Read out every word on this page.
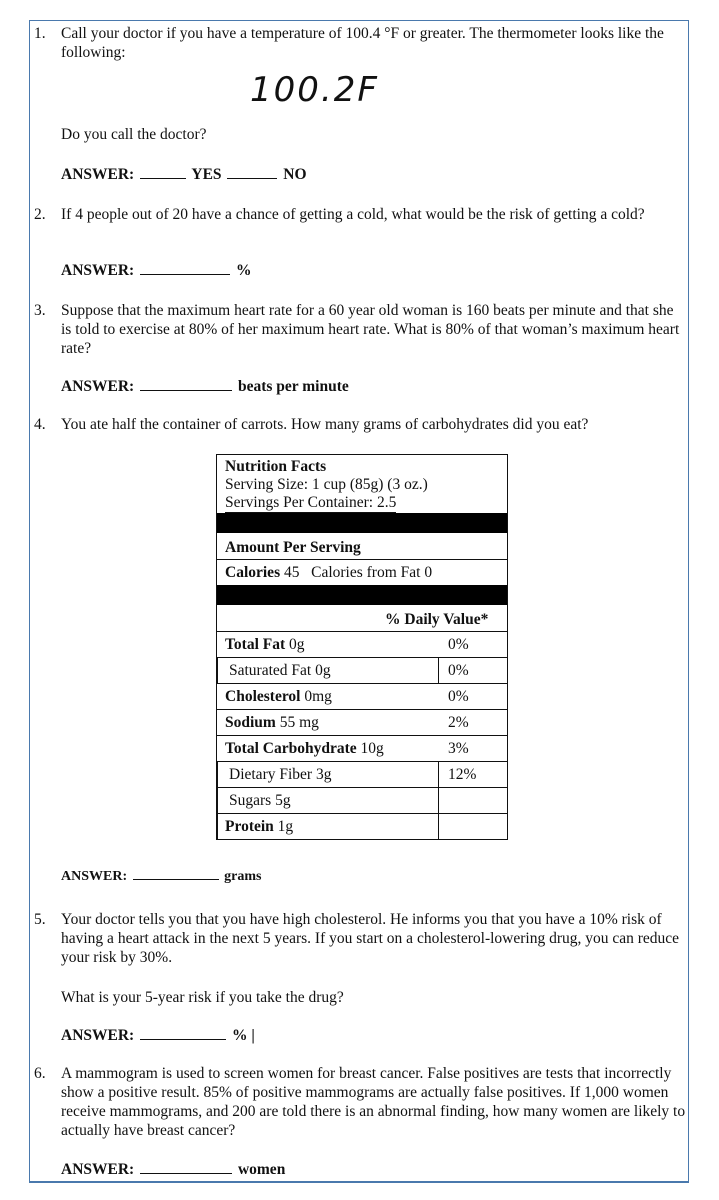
1. Call your doctor if you have a temperature of 100.4 °F or greater. The thermometer looks like the following:
100.2F
Do you call the doctor?
ANSWER:	YES	NO
2. If 4 people out of 20 have a chance of getting a cold, what would be the risk of getting a cold?
ANSWER:	%
3. Suppose that the maximum heart rate for a 60 year old woman is 160 beats per minute and that she is told to exercise at 80% of her maximum heart rate. What is 80% of that woman’s maximum heart rate?
ANSWER:	beats per minute
4. You ate half the container of carrots. How many grams of carbohydrates did you eat?
Nutrition Facts
Serving Size: 1 cup (85g) (3 oz.)
Servings Per Container: 2.5
Amount Per Serving
Calories 45 Calories from Fat 0
% Daily Value*
Total Fat 0g	0%
Saturated Fat 0g	0%
Cholesterol 0mg	0%
Sodium 55 mg	2%
Total Carbohydrate 10g	3%
Dietary Fiber 3g	12%
Sugars 5g
Protein 1g
ANSWER:	grams
5. Your doctor tells you that you have high cholesterol. He informs you that you have a 10% risk of having a heart attack in the next 5 years. If you start on a cholesterol-lowering drug, you can reduce your risk by 30%.
What is your 5-year risk if you take the drug?
ANSWER:	% |
6. A mammogram is used to screen women for breast cancer. False positives are tests that incorrectly show a positive result. 85% of positive mammograms are actually false positives. If 1,000 women receive mammograms, and 200 are told there is an abnormal finding, how many women are likely to actually have breast cancer?
ANSWER:	women
